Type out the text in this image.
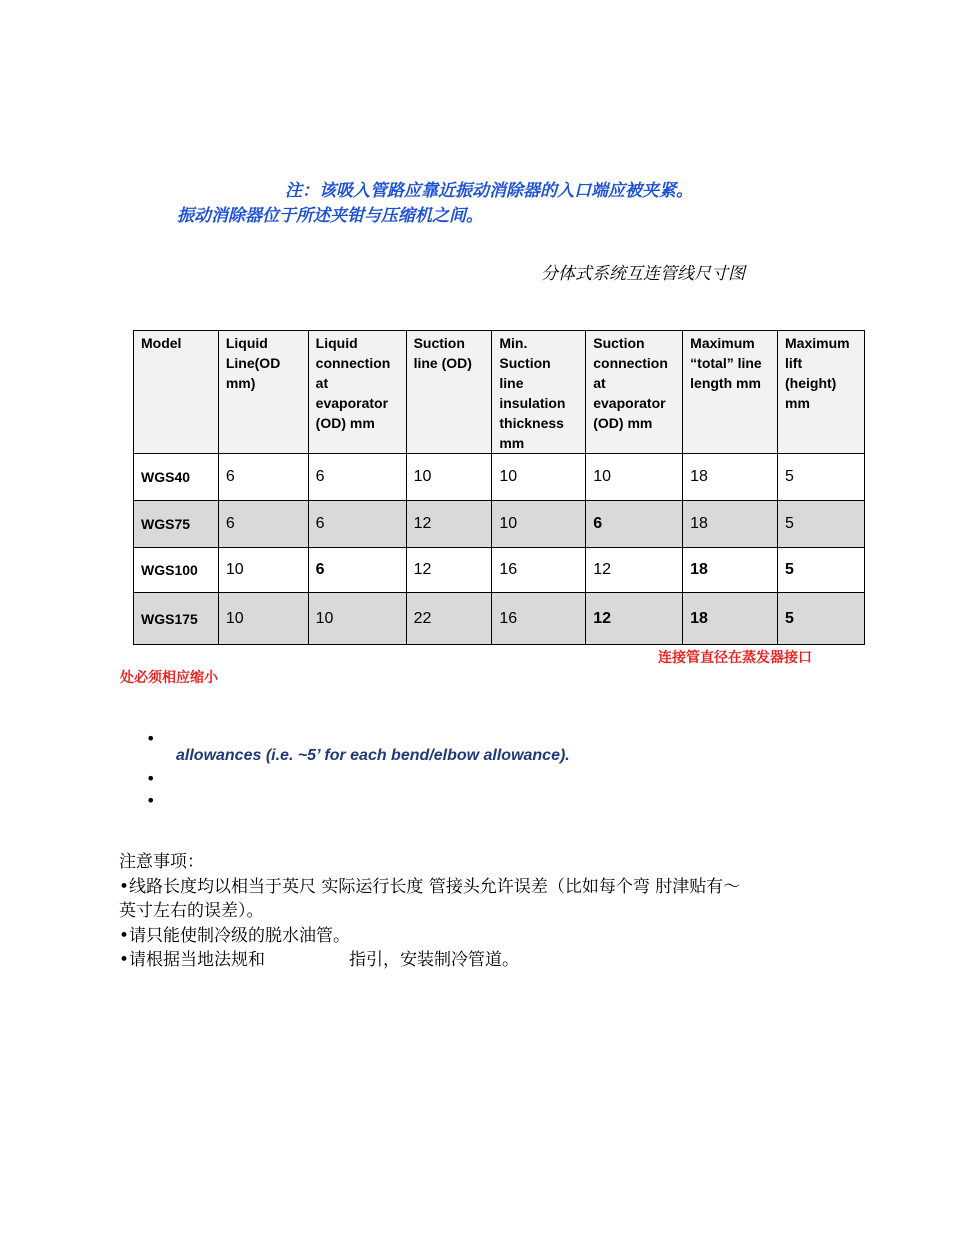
注：该吸入管路应靠近振动消除器的入口端应被夹紧。
振动消除器位于所述夹钳与压缩机之间。
分体式系统互连管线尺寸图
Model	Liquid Line(OD mm)	Liquid connection at evaporator (OD) mm	Suction line (OD)	Min. Suction line insulation thickness mm	Suction connection at evaporator (OD) mm	Maximum “total” line length mm	Maximum lift (height) mm
WGS40	6	6	10	10	10	18	5
WGS75	6	6	12	10	6	18	5
WGS100	10	6	12	16	12	18	5
WGS175	10	10	22	16	12	18	5
连接管直径在蒸发器接口
处必须相应缩小
•
allowances (i.e. ~5’ for each bend/elbow allowance).
•
•
注意事项：
•线路长度均以相当于英尺 实际运行长度 管接头允许误差（比如每个弯 肘津贴有～
英寸左右的误差）。
•请只能使制冷级的脱水油管。
•请根据当地法规和	指引，安装制冷管道。
